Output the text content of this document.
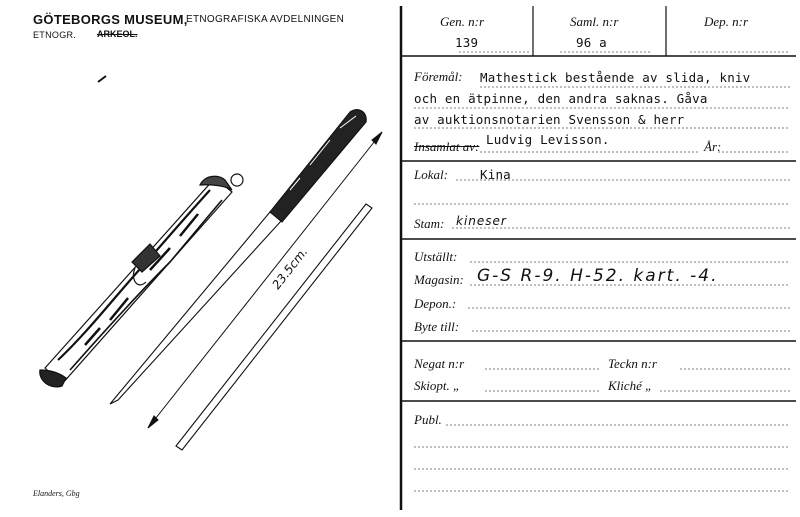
GÖTEBORGS MUSEUM,
ETNOGRAFISKA AVDELNINGEN
ETNOGR. ARKEOL.
23.5cm.
Elanders, Gbg
Gen. n:r
139
Saml. n:r
96 a
Dep. n:r
Föremål: Mathestick bestående av slida, kniv
och en ätpinne, den andra saknas. Gåva
av auktionsnotarien Svensson & herr
Insamlat av: Ludvig Levisson.	År:
Lokal:	Kina
Stam: kineser
Utställt:
Magasin: G-S R-9. H-52. kart. -4.
Depon.:
Byte till:
Negat n:r	Teckn n:r
Skiopt. „	Kliché „
Publ.
